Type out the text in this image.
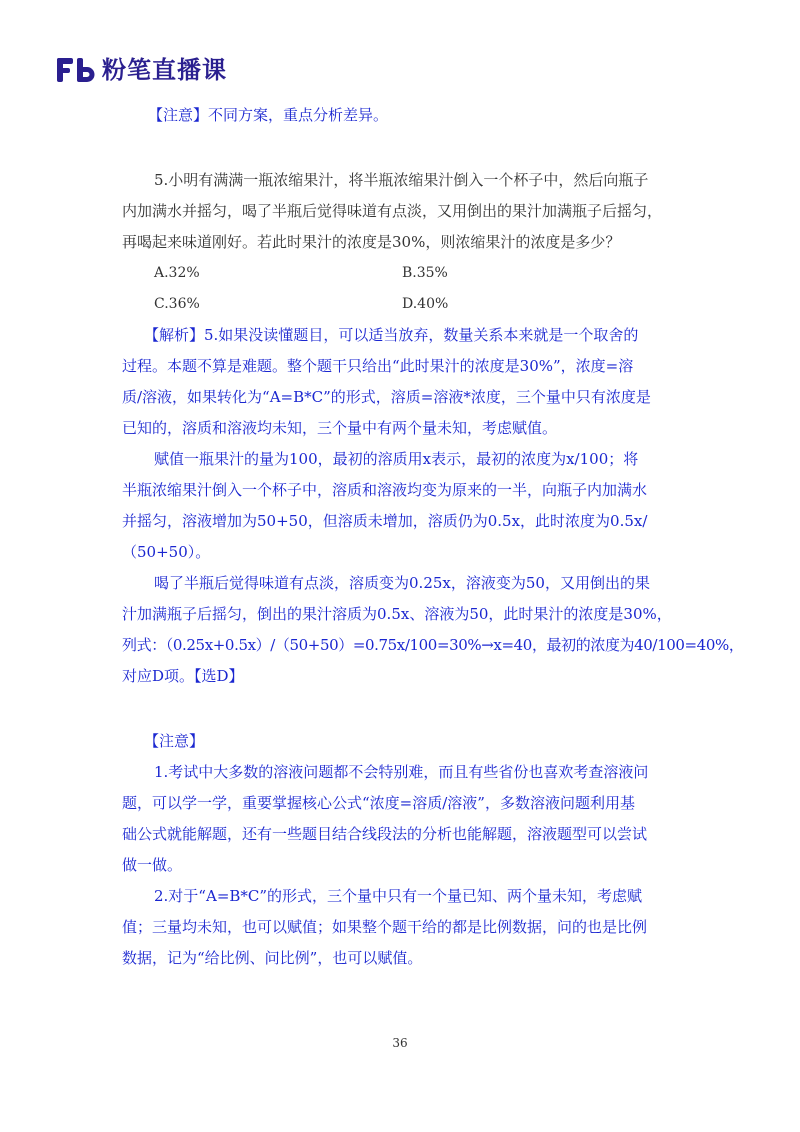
粉笔直播课
【注意】不同方案，重点分析差异。
5.小明有满满一瓶浓缩果汁，将半瓶浓缩果汁倒入一个杯子中，然后向瓶子
内加满水并摇匀，喝了半瓶后觉得味道有点淡，又用倒出的果汁加满瓶子后摇匀，
再喝起来味道刚好。若此时果汁的浓度是30%，则浓缩果汁的浓度是多少？
A.32%	B.35%
C.36%	D.40%
【解析】5.如果没读懂题目，可以适当放弃，数量关系本来就是一个取舍的
过程。本题不算是难题。整个题干只给出“此时果汁的浓度是30%”，浓度=溶
质/溶液，如果转化为“A=B*C”的形式，溶质=溶液*浓度，三个量中只有浓度是
已知的，溶质和溶液均未知，三个量中有两个量未知，考虑赋值。
赋值一瓶果汁的量为100，最初的溶质用x表示，最初的浓度为x/100；将
半瓶浓缩果汁倒入一个杯子中，溶质和溶液均变为原来的一半，向瓶子内加满水
并摇匀，溶液增加为50+50，但溶质未增加，溶质仍为0.5x，此时浓度为0.5x/
（50+50）。
喝了半瓶后觉得味道有点淡，溶质变为0.25x，溶液变为50，又用倒出的果
汁加满瓶子后摇匀，倒出的果汁溶质为0.5x、溶液为50，此时果汁的浓度是30%，
列式：（0.25x+0.5x）/（50+50）=0.75x/100=30%→x=40，最初的浓度为40/100=40%，
对应D项。【选D】
【注意】
1.考试中大多数的溶液问题都不会特别难，而且有些省份也喜欢考查溶液问
题，可以学一学，重要掌握核心公式“浓度=溶质/溶液”，多数溶液问题利用基
础公式就能解题，还有一些题目结合线段法的分析也能解题，溶液题型可以尝试
做一做。
2.对于“A=B*C”的形式，三个量中只有一个量已知、两个量未知，考虑赋
值；三量均未知，也可以赋值；如果整个题干给的都是比例数据，问的也是比例
数据，记为“给比例、问比例”，也可以赋值。
36
